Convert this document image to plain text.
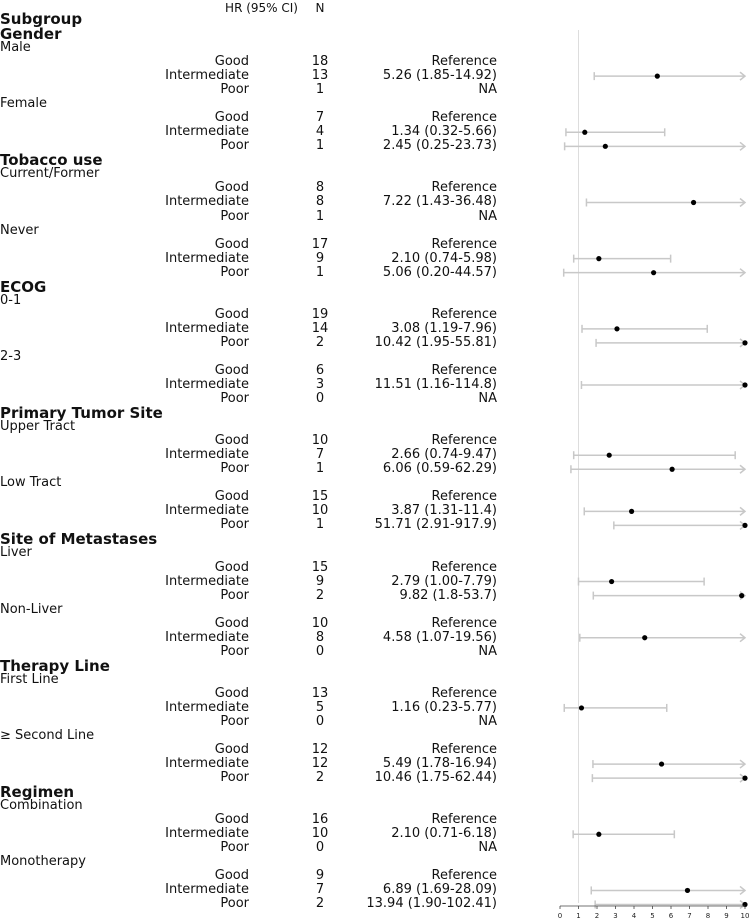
Subgroup
N
HR (95% CI)
Gender
Male
Good	18	Reference
Intermediate	13	5.26 (1.85-14.92)
Poor	1	NA
Female
Good	7	Reference
Intermediate	4	1.34 (0.32-5.66)
Poor	1	2.45 (0.25-23.73)
Tobacco use
Current/Former
Good	8	Reference
Intermediate	8	7.22 (1.43-36.48)
Poor	1	NA
Never
Good	17	Reference
Intermediate	9	2.10 (0.74-5.98)
Poor	1	5.06 (0.20-44.57)
ECOG
0-1
Good	19	Reference
Intermediate	14	3.08 (1.19-7.96)
Poor	2	10.42 (1.95-55.81)
2-3
Good	6	Reference
Intermediate	3	11.51 (1.16-114.8)
Poor	0	NA
Primary Tumor Site
Upper Tract
Good	10	Reference
Intermediate	7	2.66 (0.74-9.47)
Poor	1	6.06 (0.59-62.29)
Low Tract
Good	15	Reference
Intermediate	10	3.87 (1.31-11.4)
Poor	1	51.71 (2.91-917.9)
Site of Metastases
Liver
Good	15	Reference
Intermediate	9	2.79 (1.00-7.79)
Poor	2	9.82 (1.8-53.7)
Non-Liver
Good	10	Reference
Intermediate	8	4.58 (1.07-19.56)
Poor	0	NA
Therapy Line
First Line
Good	13	Reference
Intermediate	5	1.16 (0.23-5.77)
Poor	0	NA
≥ Second Line
Good	12	Reference
Intermediate	12	5.49 (1.78-16.94)
Poor	2	10.46 (1.75-62.44)
Regimen
Combination
Good	16	Reference
Intermediate	10	2.10 (0.71-6.18)
Poor	0	NA
Monotherapy
Good	9	Reference
Intermediate	7	6.89 (1.69-28.09)
Poor	2	13.94 (1.90-102.41)
0 1 2 3 4 5 6 7 8 9 10
